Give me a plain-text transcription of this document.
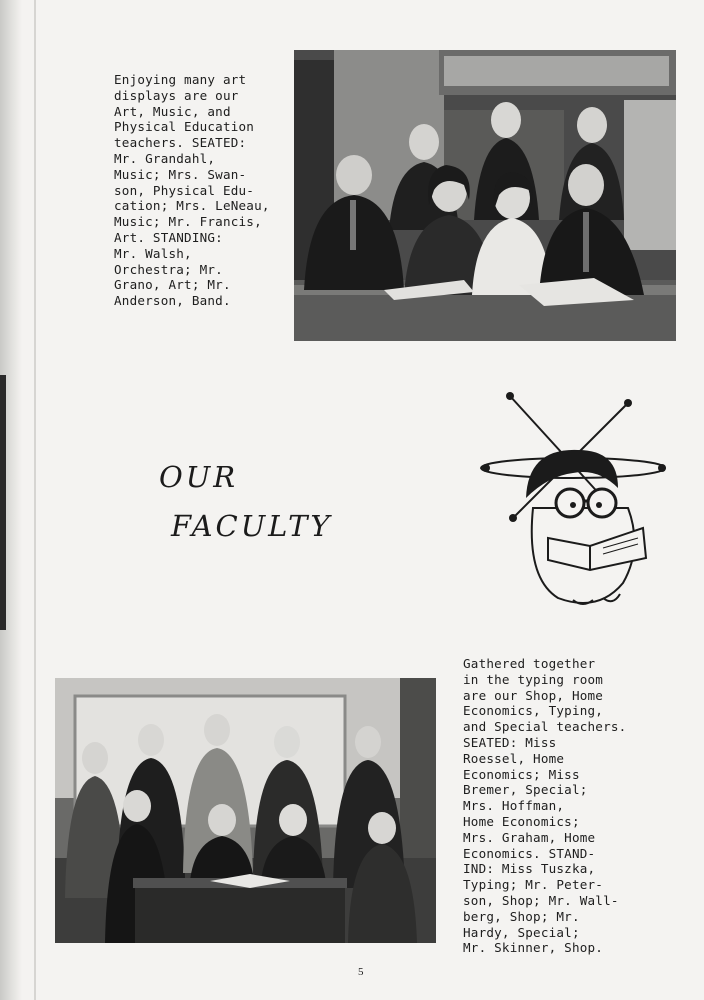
Enjoying many art
displays are our
Art, Music, and
Physical Education
teachers. SEATED:
Mr. Grandahl,
Music; Mrs. Swan-
son, Physical Edu-
cation; Mrs. LeNeau,
Music; Mr. Francis,
Art. STANDING:
Mr. Walsh,
Orchestra; Mr.
Grano, Art; Mr.
Anderson, Band.

OUR
FACULTY

Gathered together
in the typing room
are our Shop, Home
Economics, Typing,
and Special teachers.
SEATED: Miss
Roessel, Home
Economics; Miss
Bremer, Special;
Mrs. Hoffman,
Home Economics;
Mrs. Graham, Home
Economics. STAND-
IND: Miss Tuszka,
Typing; Mr. Peter-
son, Shop; Mr. Wall-
berg, Shop; Mr.
Hardy, Special;
Mr. Skinner, Shop.

5
